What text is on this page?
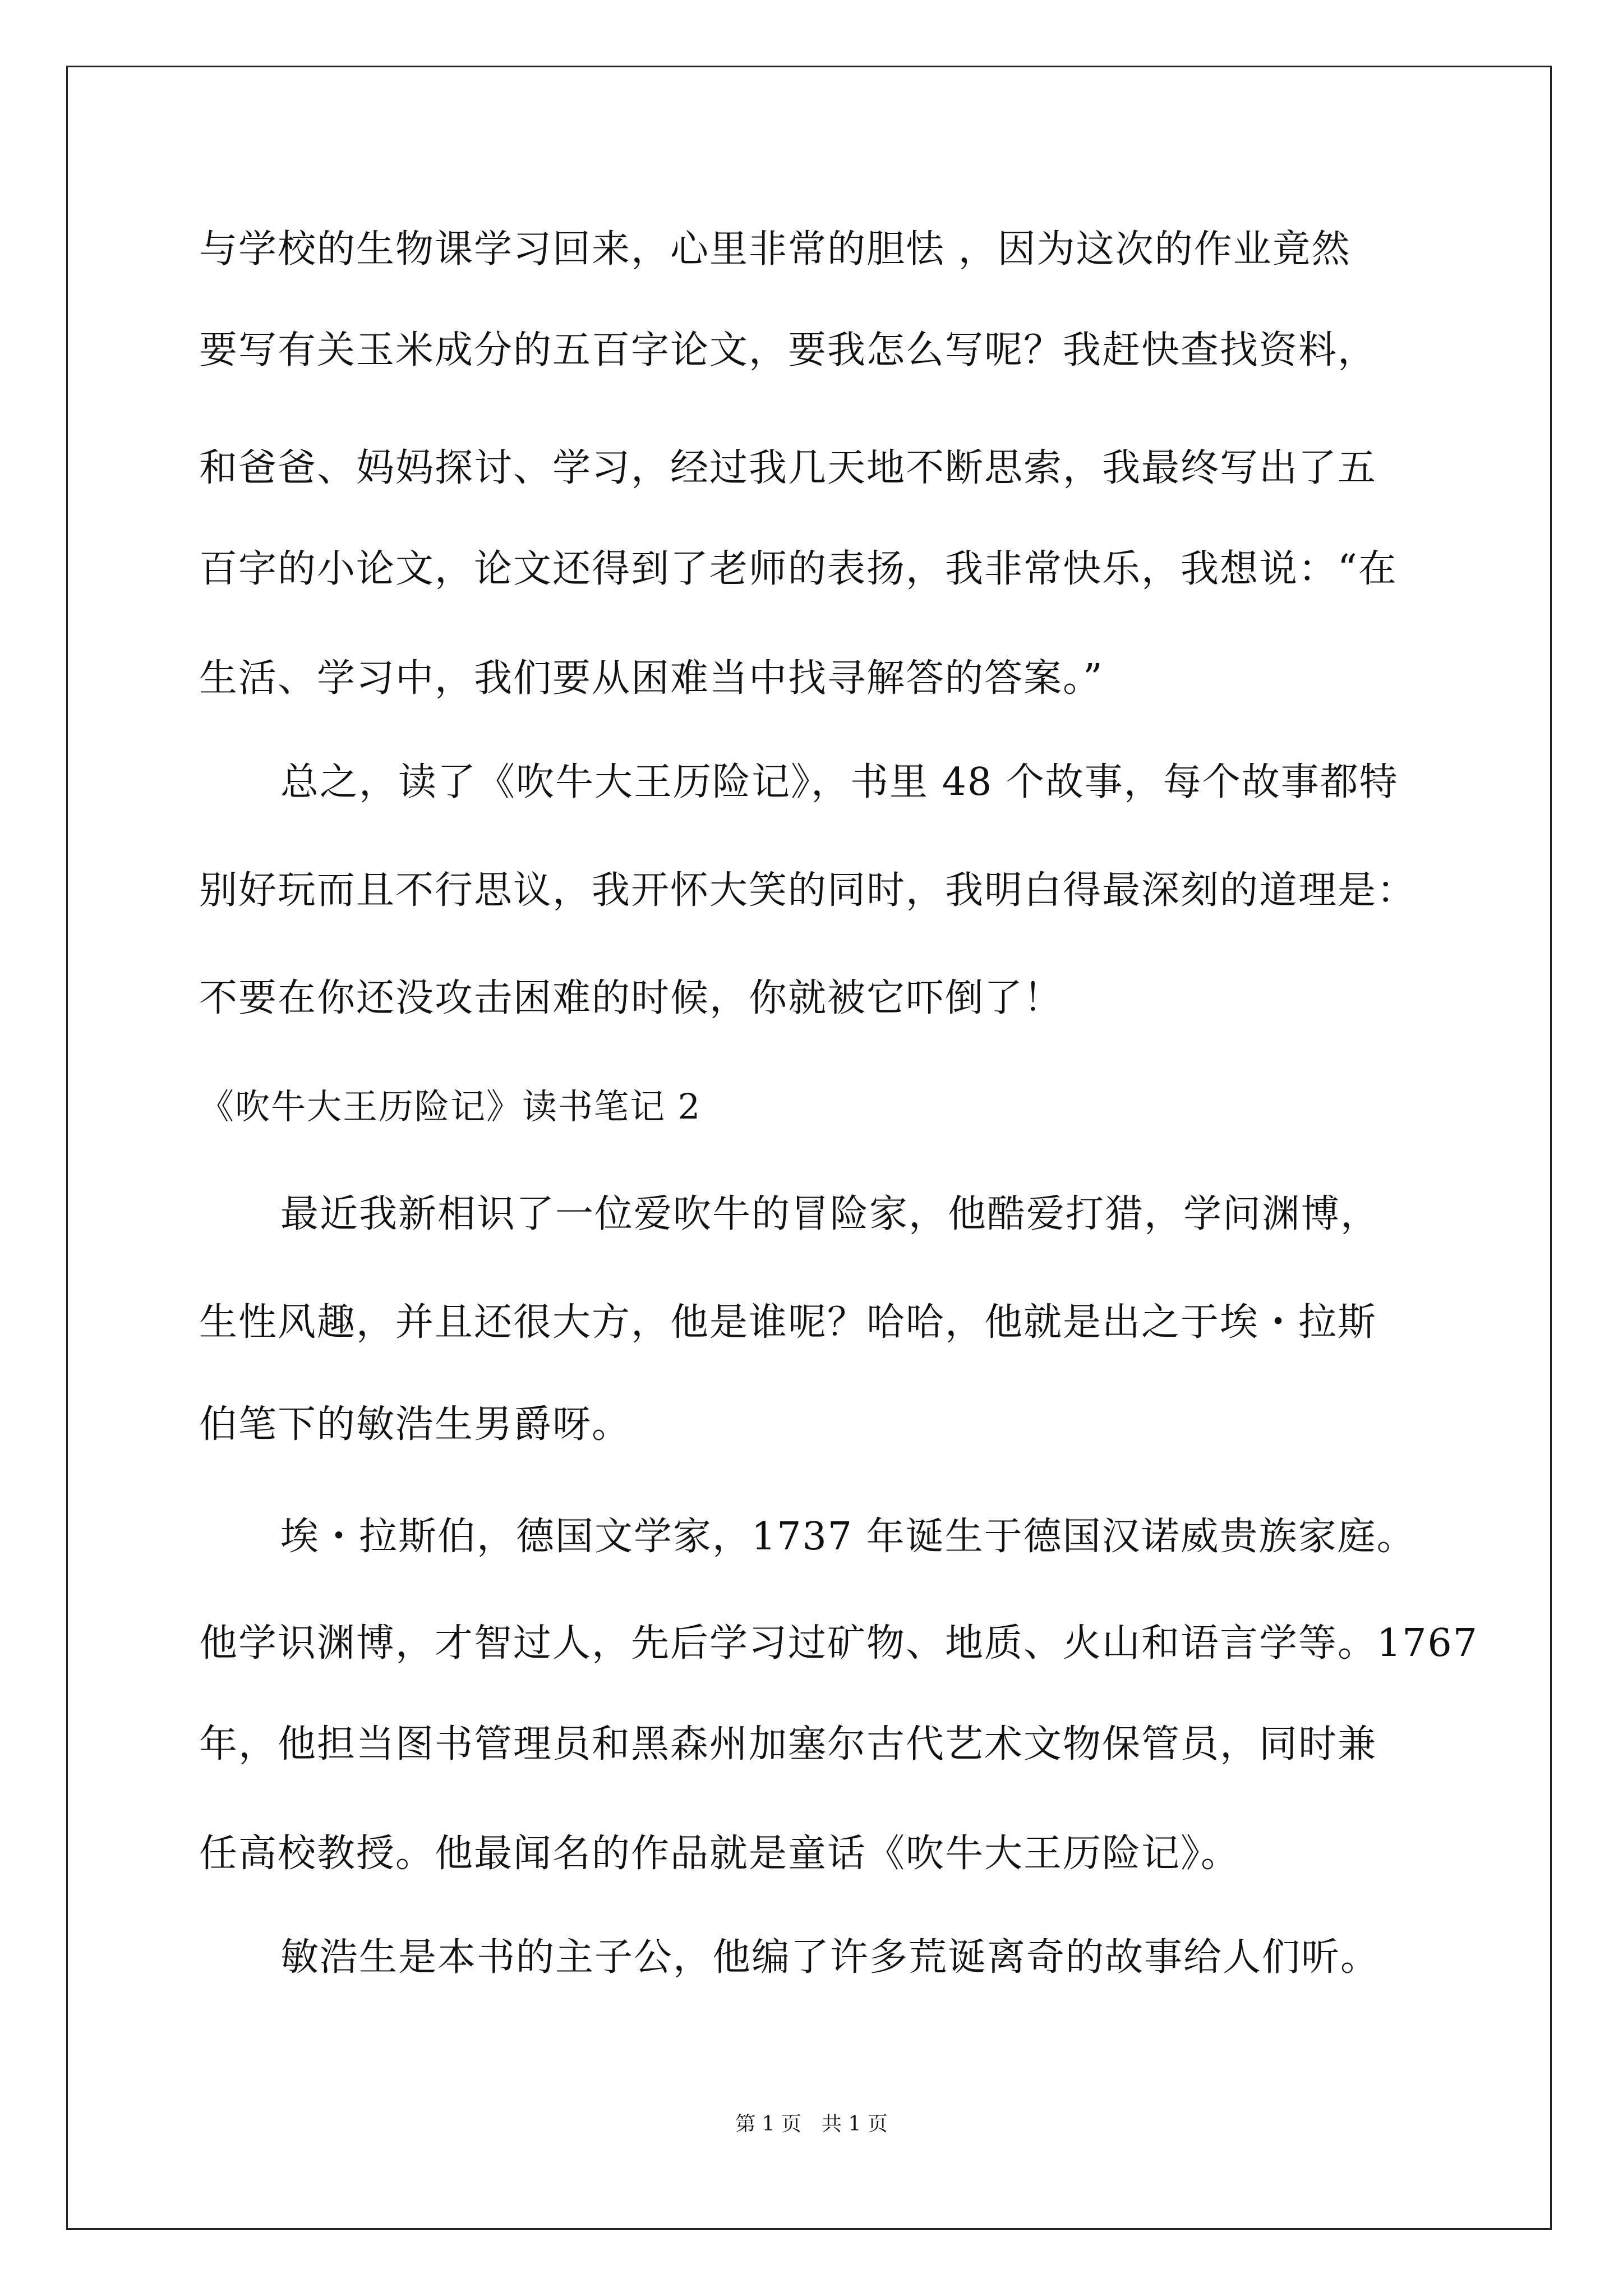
与学校的生物课学习回来，心里非常的胆怯 ，因为这次的作业竟然
要写有关玉米成分的五百字论文，要我怎么写呢？我赶快查找资料，
和爸爸、妈妈探讨、学习，经过我几天地不断思索，我最终写出了五
百字的小论文，论文还得到了老师的表扬，我非常快乐，我想说：“在
生活、学习中，我们要从困难当中找寻解答的答案。”
总之，读了《吹牛大王历险记》，书里 48 个故事，每个故事都特
别好玩而且不行思议，我开怀大笑的同时，我明白得最深刻的道理是：
不要在你还没攻击困难的时候，你就被它吓倒了！
《吹牛大王历险记》读书笔记 2
最近我新相识了一位爱吹牛的冒险家，他酷爱打猎，学问渊博，
生性风趣，并且还很大方，他是谁呢？哈哈，他就是出之于埃・拉斯
伯笔下的敏浩生男爵呀。
埃・拉斯伯，德国文学家，1737 年诞生于德国汉诺威贵族家庭。
他学识渊博，才智过人，先后学习过矿物、地质、火山和语言学等。1767
年，他担当图书管理员和黑森州加塞尔古代艺术文物保管员，同时兼
任高校教授。他最闻名的作品就是童话《吹牛大王历险记》。
敏浩生是本书的主子公，他编了许多荒诞离奇的故事给人们听。
第 1 页　共 1 页
